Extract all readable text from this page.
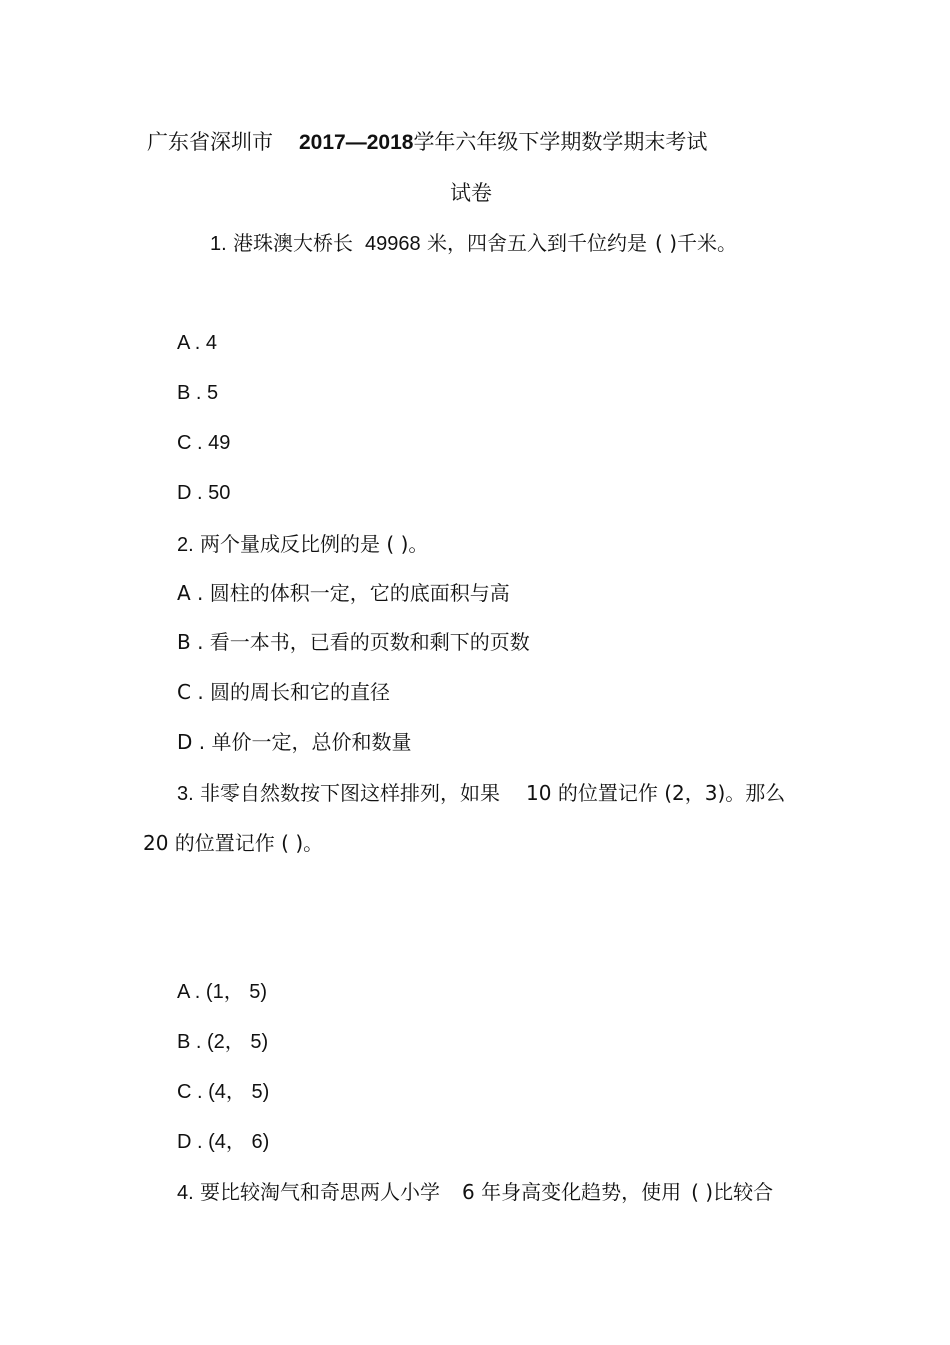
广东省深圳市 2017—2018学年六年级下学期数学期末考试
试卷
1. 港珠澳大桥长 49968 米，四舍五入到千位约是 ( )千米。
A . 4
B . 5
C . 49
D . 50
2. 两个量成反比例的是 ( )。
A . 圆柱的体积一定，它的底面积与高
B . 看一本书，已看的页数和剩下的页数
C . 圆的周长和它的直径
D . 单价一定，总价和数量
3. 非零自然数按下图这样排列，如果 10 的位置记作 (2，3)。那么
20 的位置记作 ( )。
A . (1， 5)
B . (2， 5)
C . (4， 5)
D . (4， 6)
4. 要比较淘气和奇思两人小学 6 年身高变化趋势，使用 ( )比较合
